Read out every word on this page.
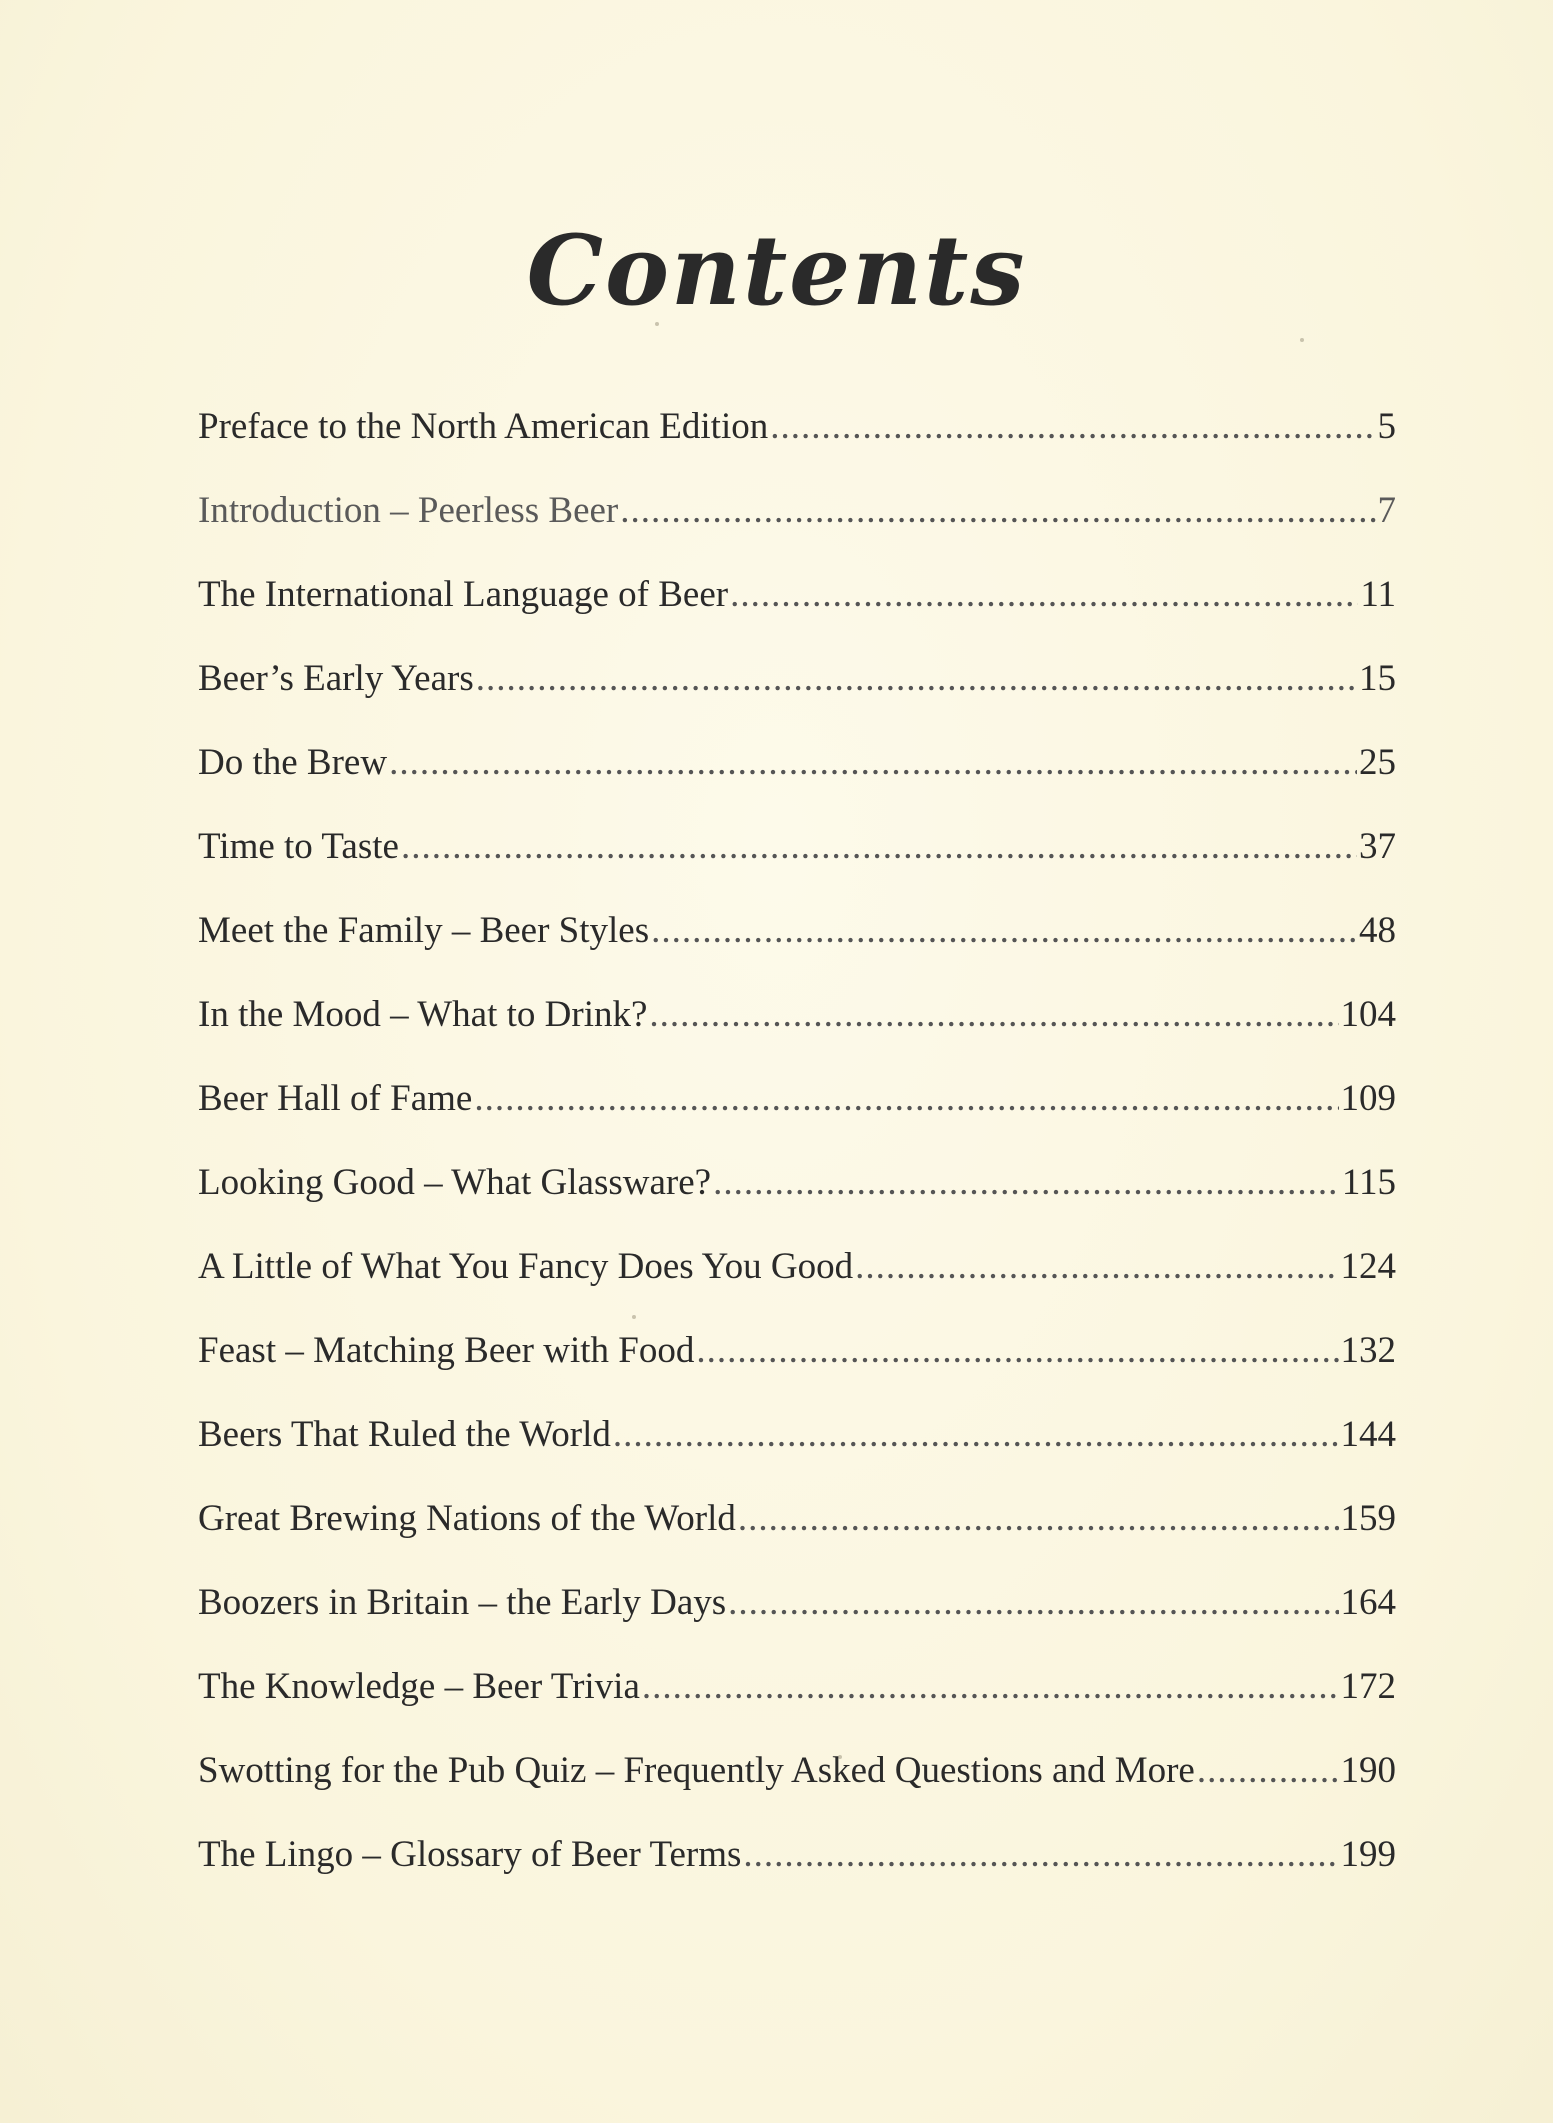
Contents
Preface to the North American Edition .....	5
Introduction – Peerless Beer .....	7
The International Language of Beer .....	11
Beer’s Early Years .....	15
Do the Brew .....	25
Time to Taste .....	37
Meet the Family – Beer Styles .....	48
In the Mood – What to Drink? .....	104
Beer Hall of Fame .....	109
Looking Good – What Glassware? .....	115
A Little of What You Fancy Does You Good .....	124
Feast – Matching Beer with Food .....	132
Beers That Ruled the World .....	144
Great Brewing Nations of the World .....	159
Boozers in Britain – the Early Days .....	164
The Knowledge – Beer Trivia .....	172
Swotting for the Pub Quiz – Frequently Asked Questions and More .....	190
The Lingo – Glossary of Beer Terms .....	199
